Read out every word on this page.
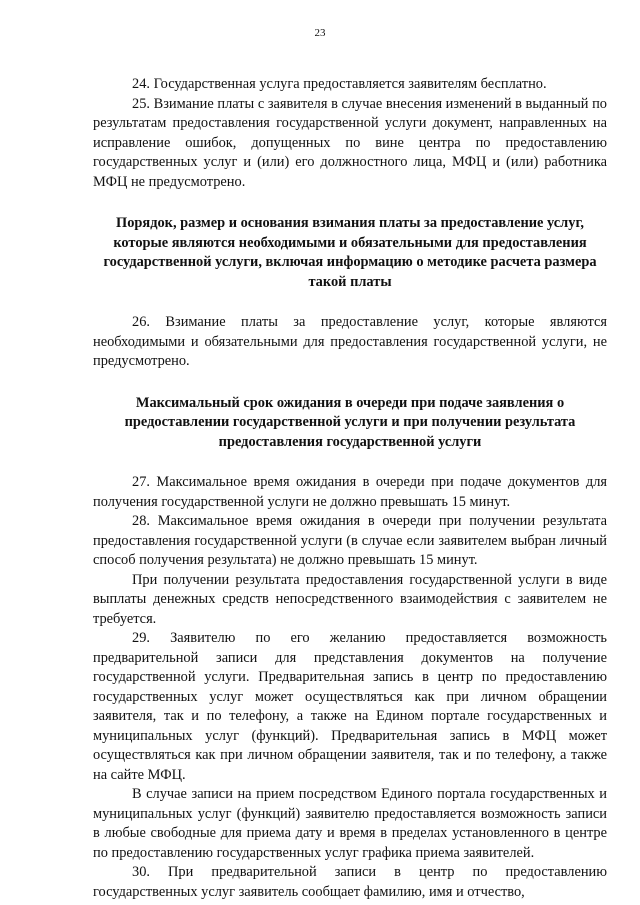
23

24. Государственная услуга предоставляется заявителям бесплатно.

25. Взимание платы с заявителя в случае внесения изменений в выданный по результатам предоставления государственной услуги документ, направленных на исправление ошибок, допущенных по вине центра по предоставлению государственных услуг и (или) его должностного лица, МФЦ и (или) работника МФЦ не предусмотрено.

Порядок, размер и основания взимания платы за предоставление услуг, которые являются необходимыми и обязательными для предоставления государственной услуги, включая информацию о методике расчета размера такой платы

26. Взимание платы за предоставление услуг, которые являются необходимыми и обязательными для предоставления государственной услуги, не предусмотрено.

Максимальный срок ожидания в очереди при подаче заявления о предоставлении государственной услуги и при получении результата предоставления государственной услуги

27. Максимальное время ожидания в очереди при подаче документов для получения государственной услуги не должно превышать 15 минут.

28. Максимальное время ожидания в очереди при получении результата предоставления государственной услуги (в случае если заявителем выбран личный способ получения результата) не должно превышать 15 минут.

При получении результата предоставления государственной услуги в виде выплаты денежных средств непосредственного взаимодействия с заявителем не требуется.

29. Заявителю по его желанию предоставляется возможность предварительной записи для представления документов на получение государственной услуги. Предварительная запись в центр по предоставлению государственных услуг может осуществляться как при личном обращении заявителя, так и по телефону, а также на Едином портале государственных и муниципальных услуг (функций). Предварительная запись в МФЦ может осуществляться как при личном обращении заявителя, так и по телефону, а также на сайте МФЦ.

В случае записи на прием посредством Единого портала государственных и муниципальных услуг (функций) заявителю предоставляется возможность записи в любые свободные для приема дату и время в пределах установленного в центре по предоставлению государственных услуг графика приема заявителей.

30. При предварительной записи в центр по предоставлению государственных услуг заявитель сообщает фамилию, имя и отчество,
